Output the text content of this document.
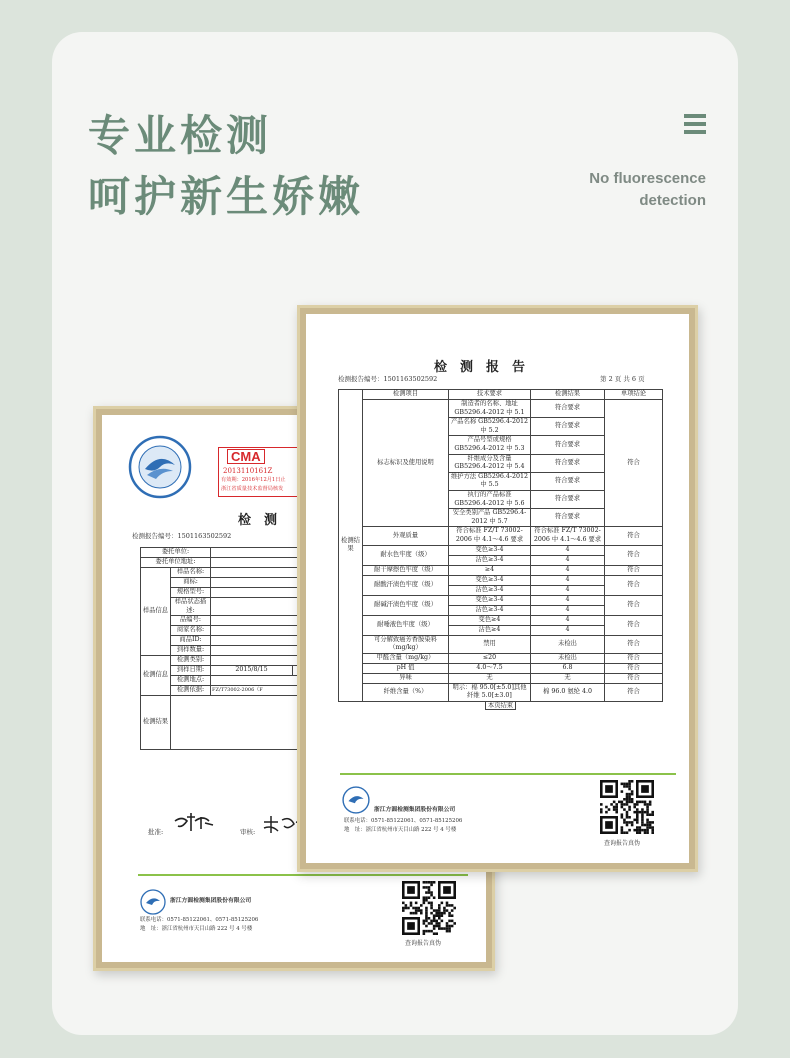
专业检测
呵护新生娇嫩	No fluorescence
detection
CMA
2013110161Z
有效期：2016年12月1日止
浙江省质量技术监督局核发
检　测
检测报告编号：1501163502592
委托单位:			
委托单位地址:	
样品信息	样品名称:		
	商标:		
	规格型号:		
	样品状态描述:		
	品编号:		
	商家名称:		
	商品ID:		
	到样数量:		
检测信息	检测类别:		
	到样日期:	2015/8/15	
	检测地点:		
	检测依据:	FZ/T73002-2006（F	
检测结果			
批准:	审核:
浙江方圆检测集团股份有限公司
联系电话：0571-85122061、0571-85125206
地　址：浙江省杭州市天目山路 222 号 4 号楼
查询报告真伪
检　测　报　告
检测报告编号：1501163502592	第 2 页 共 6 页
检测结果	检测项目	技术要求	检测结果	单项结论
	标志标识及使用说明	制造者的名称、地址 GB5296.4-2012 中 5.1	符合要求	符合
		产品名称 GB5296.4-2012 中 5.2	符合要求	
		产品号型或规格 GB5296.4-2012 中 5.3	符合要求	
		纤维成分及含量 GB5296.4-2012 中 5.4	符合要求	
		维护方法 GB5296.4-2012 中 5.5	符合要求	
		执行的产品标准 GB5296.4-2012 中 5.6	符合要求	
		安全类别产品 GB5296.4-2012 中 5.7	符合要求	
	外观质量	符合标准 FZ/T 73002-2006 中 4.1～4.6 要求	符合标准 FZ/T 73002-2006 中 4.1～4.6 要求	符合
	耐水色牢度（级）	变色≥3-4	4	符合
		沾色≥3-4	4	
	耐干摩擦色牢度（级）	≥4	4	符合
	耐酸汗渍色牢度（级）	变色≥3-4	4	符合
		沾色≥3-4	4	
	耐碱汗渍色牢度（级）	变色≥3-4	4	符合
		沾色≥3-4	4	
	耐唾液色牢度（级）	变色≥4	4	符合
		沾色≥4	4	
	可分解致癌芳香胺染料（mg/kg）	禁用	未检出	符合
	甲醛含量（mg/kg）	≤20	未检出	符合
	pH 值	4.0～7.5	6.8	符合
	异味	无	无	符合
	纤维含量（%）	明示：棉 95.0[±5.0]其他纤维 5.0[±3.0]	棉 96.0 氨纶 4.0	符合
本页结束				
浙江方圆检测集团股份有限公司
联系电话：0571-85122061、0571-85125206
地　址：浙江省杭州市天目山路 222 号 4 号楼
查询报告真伪
